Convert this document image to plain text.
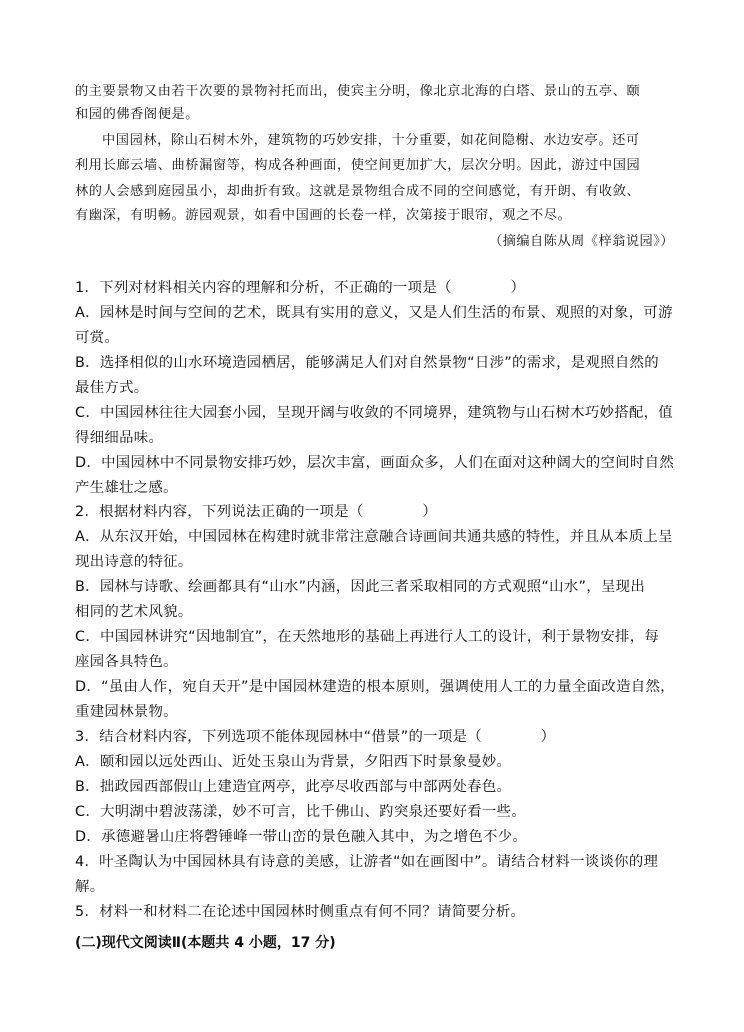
的主要景物又由若干次要的景物衬托而出，使宾主分明，像北京北海的白塔、景山的五亭、颐
和园的佛香阁便是。
中国园林，除山石树木外，建筑物的巧妙安排，十分重要，如花间隐榭、水边安亭。还可
利用长廊云墙、曲桥漏窗等，构成各种画面，使空间更加扩大，层次分明。因此，游过中国园
林的人会感到庭园虽小，却曲折有致。这就是景物组合成不同的空间感觉，有开朗、有收敛、
有幽深，有明畅。游园观景，如看中国画的长卷一样，次第接于眼帘，观之不尽。
（摘编自陈从周《梓翁说园》）
1．下列对材料相关内容的理解和分析，不正确的一项是（　　　　）
A．园林是时间与空间的艺术，既具有实用的意义，又是人们生活的布景、观照的对象，可游
可赏。
B．选择相似的山水环境造园栖居，能够满足人们对自然景物“日涉”的需求，是观照自然的
最佳方式。
C．中国园林往往大园套小园，呈现开阔与收敛的不同境界，建筑物与山石树木巧妙搭配，值
得细细品味。
D．中国园林中不同景物安排巧妙，层次丰富，画面众多，人们在面对这种阔大的空间时自然
产生雄壮之感。
2．根据材料内容，下列说法正确的一项是（　　　　）
A．从东汉开始，中国园林在构建时就非常注意融合诗画间共通共感的特性，并且从本质上呈
现出诗意的特征。
B．园林与诗歌、绘画都具有“山水”内涵，因此三者采取相同的方式观照“山水”，呈现出
相同的艺术风貌。
C．中国园林讲究“因地制宜”，在天然地形的基础上再进行人工的设计，利于景物安排，每
座园各具特色。
D．“虽由人作，宛自天开”是中国园林建造的根本原则，强调使用人工的力量全面改造自然，
重建园林景物。
3．结合材料内容，下列选项不能体现园林中“借景”的一项是（　　　　）
A．颐和园以远处西山、近处玉泉山为背景，夕阳西下时景象曼妙。
B．拙政园西部假山上建造宜两亭，此亭尽收西部与中部两处春色。
C．大明湖中碧波荡漾，妙不可言，比千佛山、趵突泉还要好看一些。
D．承德避暑山庄将磬锤峰一带山峦的景色融入其中，为之增色不少。
4．叶圣陶认为中国园林具有诗意的美感，让游者“如在画图中”。请结合材料一谈谈你的理
解。
5．材料一和材料二在论述中国园林时侧重点有何不同？请简要分析。
(二)现代文阅读Ⅱ(本题共 4 小题，17 分)
